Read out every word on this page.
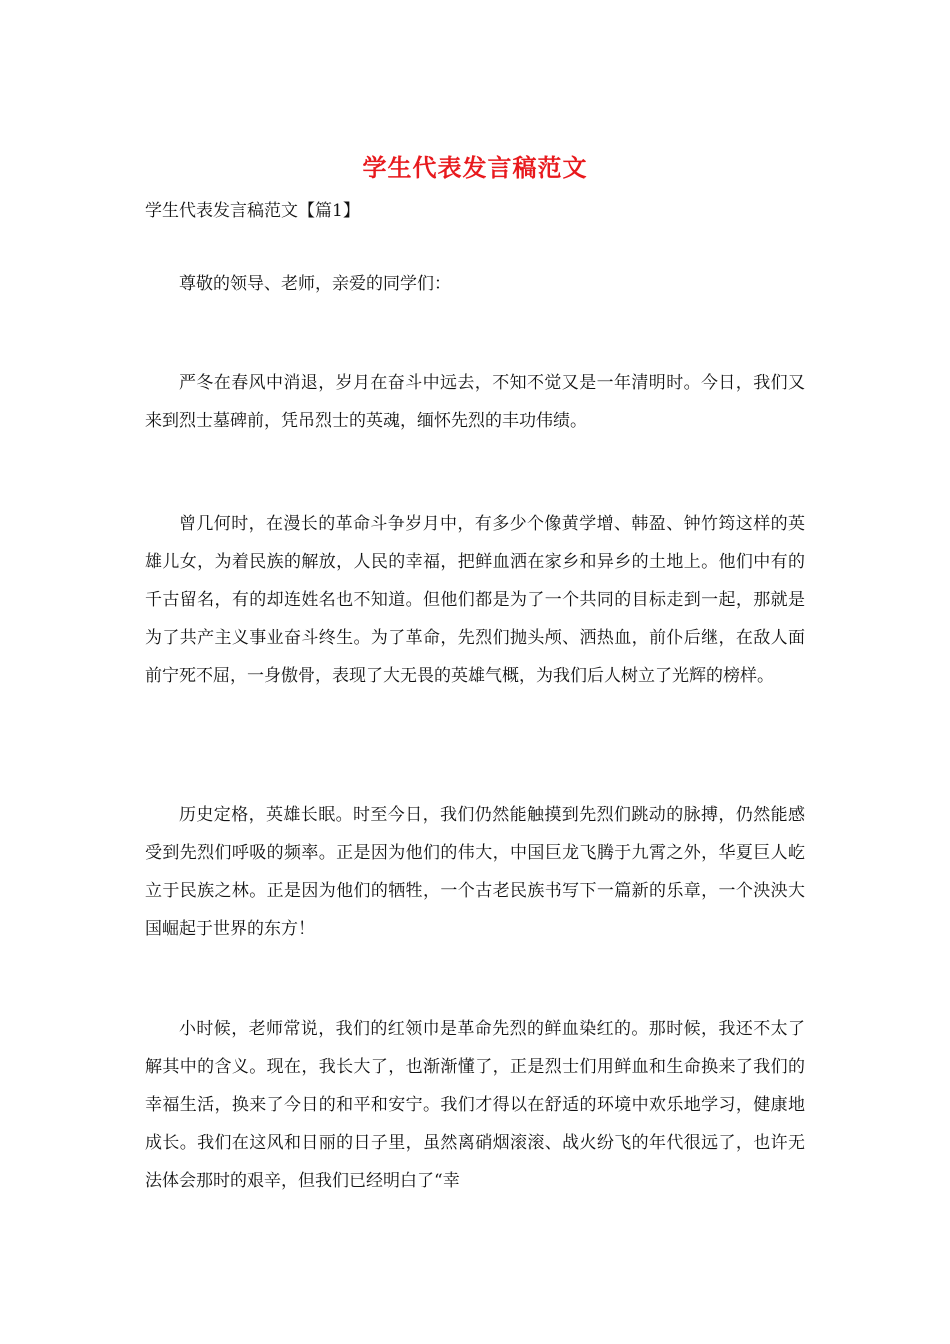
学生代表发言稿范文

学生代表发言稿范文【篇1】

尊敬的领导、老师，亲爱的同学们：

严冬在春风中消退，岁月在奋斗中远去，不知不觉又是一年清明时。今日，我们又来到烈士墓碑前，凭吊烈士的英魂，缅怀先烈的丰功伟绩。

曾几何时，在漫长的革命斗争岁月中，有多少个像黄学增、韩盈、钟竹筠这样的英雄儿女，为着民族的解放，人民的幸福，把鲜血洒在家乡和异乡的土地上。他们中有的千古留名，有的却连姓名也不知道。但他们都是为了一个共同的目标走到一起，那就是为了共产主义事业奋斗终生。为了革命，先烈们抛头颅、洒热血，前仆后继，在敌人面前宁死不屈，一身傲骨，表现了大无畏的英雄气概，为我们后人树立了光辉的榜样。

历史定格，英雄长眠。时至今日，我们仍然能触摸到先烈们跳动的脉搏，仍然能感受到先烈们呼吸的频率。正是因为他们的伟大，中国巨龙飞腾于九霄之外，华夏巨人屹立于民族之林。正是因为他们的牺牲，一个古老民族书写下一篇新的乐章，一个泱泱大国崛起于世界的东方！

小时候，老师常说，我们的红领巾是革命先烈的鲜血染红的。那时候，我还不太了解其中的含义。现在，我长大了，也渐渐懂了，正是烈士们用鲜血和生命换来了我们的幸福生活，换来了今日的和平和安宁。我们才得以在舒适的环境中欢乐地学习，健康地成长。我们在这风和日丽的日子里，虽然离硝烟滚滚、战火纷飞的年代很远了，也许无法体会那时的艰辛，但我们已经明白了“幸
